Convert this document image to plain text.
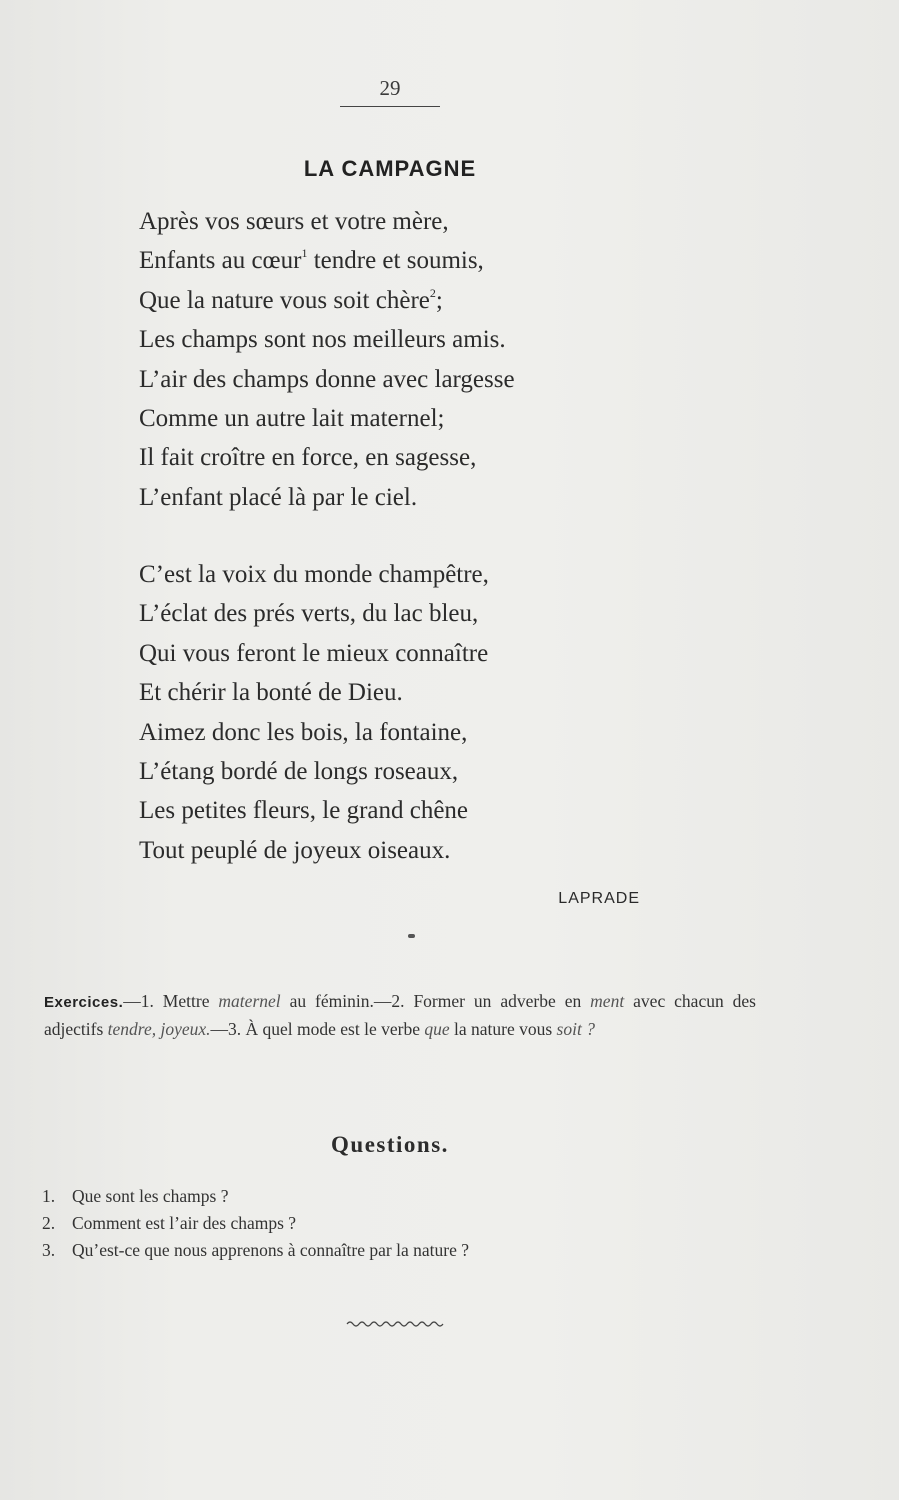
29
LA CAMPAGNE
Après vos sœurs et votre mère,
Enfants au cœur$^1$ tendre et soumis,
Que la nature vous soit chère$^2$;
Les champs sont nos meilleurs amis.
L’air des champs donne avec largesse
Comme un autre lait maternel;
Il fait croître en force, en sagesse,
L’enfant placé là par le ciel.
C’est la voix du monde champêtre,
L’éclat des prés verts, du lac bleu,
Qui vous feront le mieux connaître
Et chérir la bonté de Dieu.
Aimez donc les bois, la fontaine,
L’étang bordé de longs roseaux,
Les petites fleurs, le grand chêne
Tout peuplé de joyeux oiseaux.
LAPRADE
Exercices.—1. Mettre maternel au féminin.—2. Former un adverbe en ment avec chacun des adjectifs tendre, joyeux.—3. À quel mode est le verbe que la nature vous soit ?
Questions.
1. Que sont les champs ?
2. Comment est l’air des champs ?
3. Qu’est-ce que nous apprenons à connaître par la nature ?
